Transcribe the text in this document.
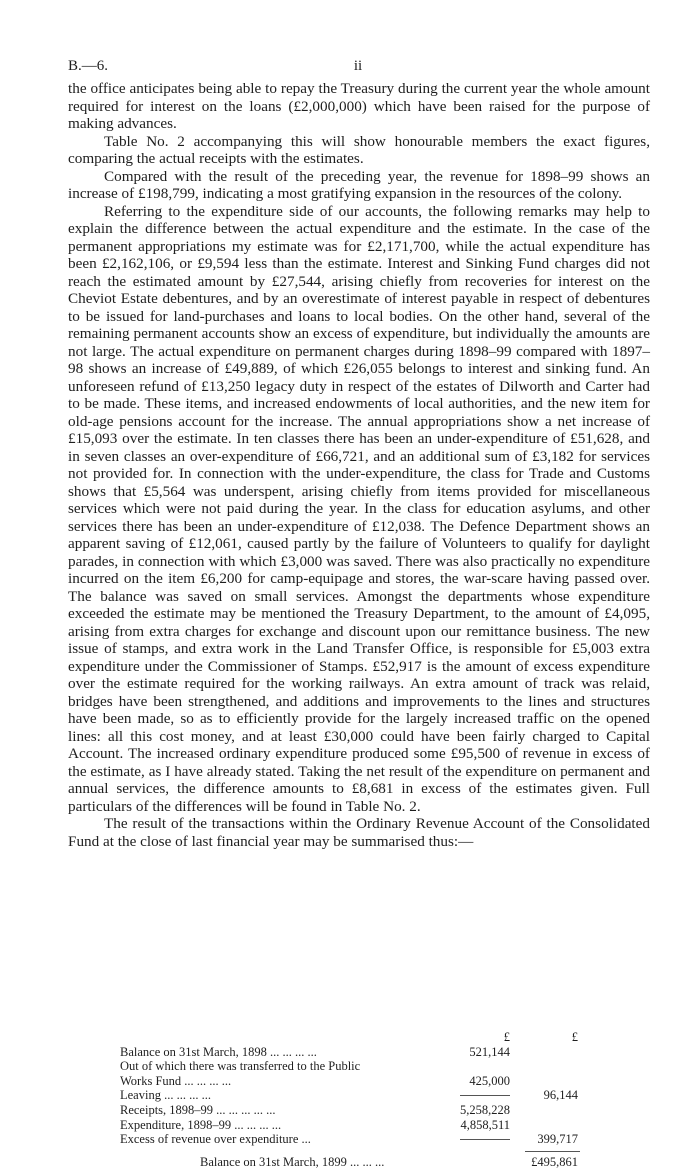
B.—6.	ii

the office anticipates being able to repay the Treasury during the current year the whole amount required for interest on the loans (£2,000,000) which have been raised for the purpose of making advances.

Table No. 2 accompanying this will show honourable members the exact figures, comparing the actual receipts with the estimates.

Compared with the result of the preceding year, the revenue for 1898–99 shows an increase of £198,799, indicating a most gratifying expansion in the resources of the colony.

Referring to the expenditure side of our accounts, the following remarks may help to explain the difference between the actual expenditure and the estimate. In the case of the permanent appropriations my estimate was for £2,171,700, while the actual expenditure has been £2,162,106, or £9,594 less than the estimate. Interest and Sinking Fund charges did not reach the estimated amount by £27,544, arising chiefly from recoveries for interest on the Cheviot Estate debentures, and by an overestimate of interest payable in respect of debentures to be issued for land-purchases and loans to local bodies. On the other hand, several of the remaining permanent accounts show an excess of expenditure, but individually the amounts are not large. The actual expenditure on permanent charges during 1898–99 compared with 1897–98 shows an increase of £49,889, of which £26,055 belongs to interest and sinking fund. An unforeseen refund of £13,250 legacy duty in respect of the estates of Dilworth and Carter had to be made. These items, and increased endowments of local authorities, and the new item for old-age pensions account for the increase. The annual appropriations show a net increase of £15,093 over the estimate. In ten classes there has been an under-expenditure of £51,628, and in seven classes an over-expenditure of £66,721, and an additional sum of £3,182 for services not provided for. In connection with the under-expenditure, the class for Trade and Customs shows that £5,564 was underspent, arising chiefly from items provided for miscellaneous services which were not paid during the year. In the class for education asylums, and other services there has been an under-expenditure of £12,038. The Defence Department shows an apparent saving of £12,061, caused partly by the failure of Volunteers to qualify for daylight parades, in connection with which £3,000 was saved. There was also practically no expenditure incurred on the item £6,200 for camp-equipage and stores, the war-scare having passed over. The balance was saved on small services. Amongst the departments whose expenditure exceeded the estimate may be mentioned the Treasury Department, to the amount of £4,095, arising from extra charges for exchange and discount upon our remittance business. The new issue of stamps, and extra work in the Land Transfer Office, is responsible for £5,003 extra expenditure under the Commissioner of Stamps. £52,917 is the amount of excess expenditure over the estimate required for the working railways. An extra amount of track was relaid, bridges have been strengthened, and additions and improvements to the lines and structures have been made, so as to efficiently provide for the largely increased traffic on the opened lines: all this cost money, and at least £30,000 could have been fairly charged to Capital Account. The increased ordinary expenditure produced some £95,500 of revenue in excess of the estimate, as I have already stated. Taking the net result of the expenditure on permanent and annual services, the difference amounts to £8,681 in excess of the estimates given. Full particulars of the differences will be found in Table No. 2.

The result of the transactions within the Ordinary Revenue Account of the Consolidated Fund at the close of last financial year may be summarised thus:—

£	£
Balance on 31st March, 1898 ... ... ... ...	521,144
Out of which there was transferred to the Public
Works Fund ... ... ... ...	425,000
Leaving ... ... ... ...	96,144
Receipts, 1898–99 ... ... ... ... ...	5,258,228
Expenditure, 1898–99 ... ... ... ...	4,858,511
Excess of revenue over expenditure ...	399,717
Balance on 31st March, 1899 ... ... ...	£495,861
